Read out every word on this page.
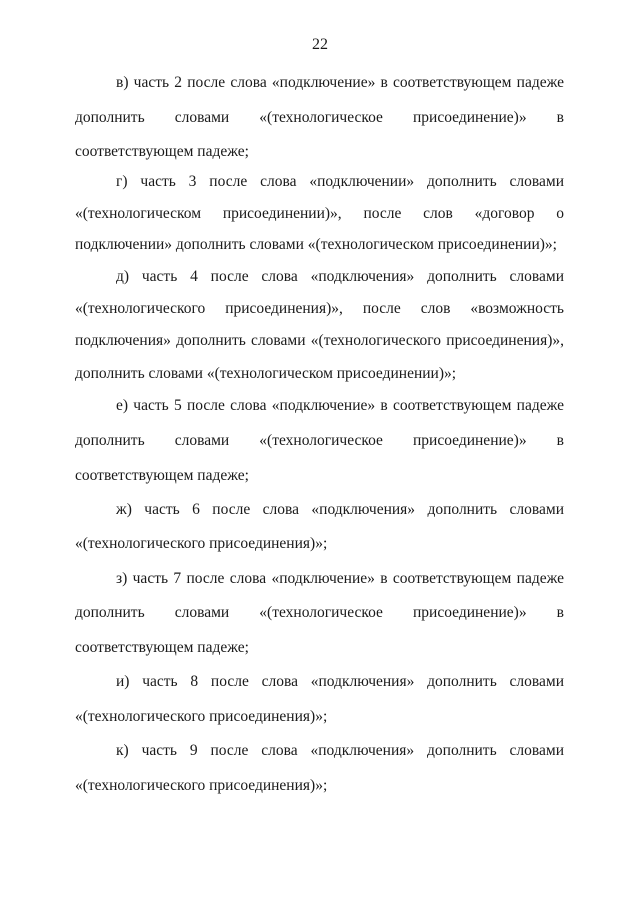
22
в) часть 2 после слова «подключение» в соответствующем падеже
дополнить словами «(технологическое присоединение)» в
соответствующем падеже;
г) часть 3 после слова «подключении» дополнить словами
«(технологическом присоединении)», после слов «договор о
подключении» дополнить словами «(технологическом присоединении)»;
д) часть 4 после слова «подключения» дополнить словами
«(технологического присоединения)», после слов «возможность
подключения» дополнить словами «(технологического присоединения)»,
дополнить словами «(технологическом присоединении)»;
е) часть 5 после слова «подключение» в соответствующем падеже
дополнить словами «(технологическое присоединение)» в
соответствующем падеже;
ж) часть 6 после слова «подключения» дополнить словами
«(технологического присоединения)»;
з) часть 7 после слова «подключение» в соответствующем падеже
дополнить словами «(технологическое присоединение)» в
соответствующем падеже;
и) часть 8 после слова «подключения» дополнить словами
«(технологического присоединения)»;
к) часть 9 после слова «подключения» дополнить словами
«(технологического присоединения)»;
